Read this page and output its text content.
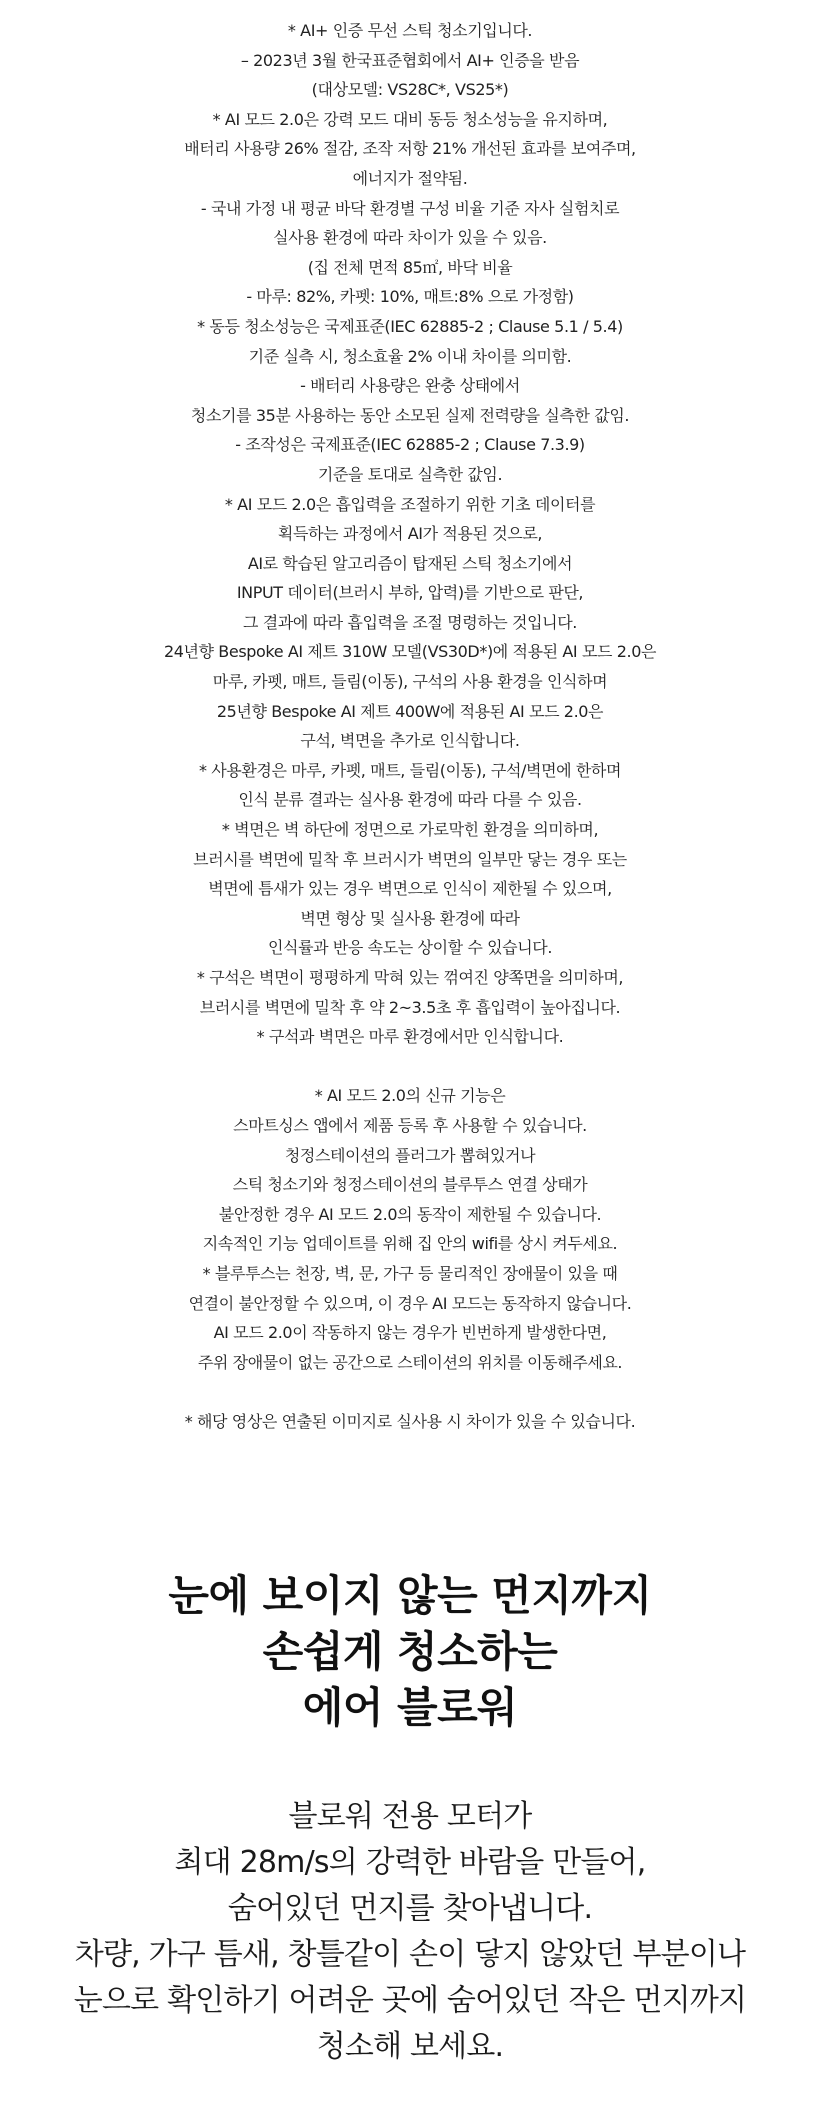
* AI+ 인증 무선 스틱 청소기입니다.
– 2023년 3월 한국표준협회에서 AI+ 인증을 받음
(대상모델: VS28C*, VS25*)
* AI 모드 2.0은 강력 모드 대비 동등 청소성능을 유지하며,
배터리 사용량 26% 절감, 조작 저항 21% 개선된 효과를 보여주며,
에너지가 절약됨.
- 국내 가정 내 평균 바닥 환경별 구성 비율 기준 자사 실험치로
실사용 환경에 따라 차이가 있을 수 있음.
(집 전체 면적 85㎡, 바닥 비율
- 마루: 82%, 카펫: 10%, 매트:8% 으로 가정함)
* 동등 청소성능은 국제표준(IEC 62885-2 ; Clause 5.1 / 5.4)
기준 실측 시, 청소효율 2% 이내 차이를 의미함.
- 배터리 사용량은 완충 상태에서
청소기를 35분 사용하는 동안 소모된 실제 전력량을 실측한 값임.
- 조작성은 국제표준(IEC 62885-2 ; Clause 7.3.9)
기준을 토대로 실측한 값임.
* AI 모드 2.0은 흡입력을 조절하기 위한 기초 데이터를
획득하는 과정에서 AI가 적용된 것으로,
AI로 학습된 알고리즘이 탑재된 스틱 청소기에서
INPUT 데이터(브러시 부하, 압력)를 기반으로 판단,
그 결과에 따라 흡입력을 조절 명령하는 것입니다.
24년향 Bespoke AI 제트 310W 모델(VS30D*)에 적용된 AI 모드 2.0은
마루, 카펫, 매트, 들림(이동), 구석의 사용 환경을 인식하며
25년향 Bespoke AI 제트 400W에 적용된 AI 모드 2.0은
구석, 벽면을 추가로 인식합니다.
* 사용환경은 마루, 카펫, 매트, 들림(이동), 구석/벽면에 한하며
인식 분류 결과는 실사용 환경에 따라 다를 수 있음.
* 벽면은 벽 하단에 정면으로 가로막힌 환경을 의미하며,
브러시를 벽면에 밀착 후 브러시가 벽면의 일부만 닿는 경우 또는
벽면에 틈새가 있는 경우 벽면으로 인식이 제한될 수 있으며,
벽면 형상 및 실사용 환경에 따라
인식률과 반응 속도는 상이할 수 있습니다.
* 구석은 벽면이 평평하게 막혀 있는 꺾여진 양쪽면을 의미하며,
브러시를 벽면에 밀착 후 약 2~3.5초 후 흡입력이 높아집니다.
* 구석과 벽면은 마루 환경에서만 인식합니다.
* AI 모드 2.0의 신규 기능은
스마트싱스 앱에서 제품 등록 후 사용할 수 있습니다.
청정스테이션의 플러그가 뽑혀있거나
스틱 청소기와 청정스테이션의 블루투스 연결 상태가
불안정한 경우 AI 모드 2.0의 동작이 제한될 수 있습니다.
지속적인 기능 업데이트를 위해 집 안의 wifi를 상시 켜두세요.
* 블루투스는 천장, 벽, 문, 가구 등 물리적인 장애물이 있을 때
연결이 불안정할 수 있으며, 이 경우 AI 모드는 동작하지 않습니다.
AI 모드 2.0이 작동하지 않는 경우가 빈번하게 발생한다면,
주위 장애물이 없는 공간으로 스테이션의 위치를 이동해주세요.
* 해당 영상은 연출된 이미지로 실사용 시 차이가 있을 수 있습니다.
눈에 보이지 않는 먼지까지
손쉽게 청소하는
에어 블로워
블로워 전용 모터가
최대 28m/s의 강력한 바람을 만들어,
숨어있던 먼지를 찾아냅니다.
차량, 가구 틈새, 창틀같이 손이 닿지 않았던 부분이나
눈으로 확인하기 어려운 곳에 숨어있던 작은 먼지까지
청소해 보세요.
